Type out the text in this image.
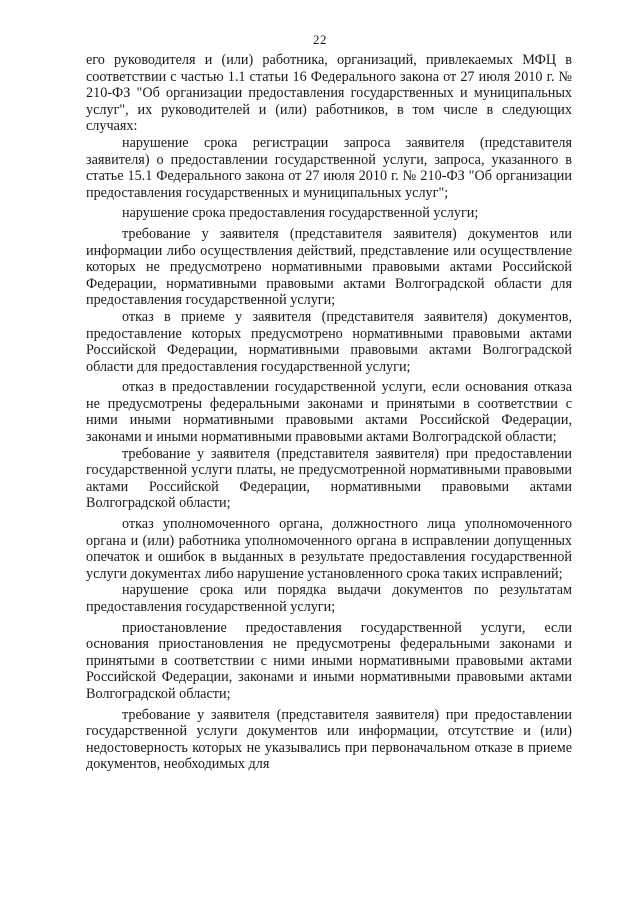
22

его руководителя и (или) работника, организаций, привлекаемых МФЦ в соответствии с частью 1.1 статьи 16 Федерального закона от 27 июля 2010 г. № 210-ФЗ "Об организации предоставления государственных и муниципальных услуг", их руководителей и (или) работников, в том числе в следующих случаях:

нарушение срока регистрации запроса заявителя (представителя заявителя) о предоставлении государственной услуги, запроса, указанного в статье 15.1 Федерального закона от 27 июля 2010 г. № 210-ФЗ "Об организации предоставления государственных и муниципальных услуг";

нарушение срока предоставления государственной услуги;

требование у заявителя (представителя заявителя) документов или информации либо осуществления действий, представление или осуществление которых не предусмотрено нормативными правовыми актами Российской Федерации, нормативными правовыми актами Волгоградской области для предоставления государственной услуги;

отказ в приеме у заявителя (представителя заявителя) документов, предоставление которых предусмотрено нормативными правовыми актами Российской Федерации, нормативными правовыми актами Волгоградской области для предоставления государственной услуги;

отказ в предоставлении государственной услуги, если основания отказа не предусмотрены федеральными законами и принятыми в соответствии с ними иными нормативными правовыми актами Российской Федерации, законами и иными нормативными правовыми актами Волгоградской области;

требование у заявителя (представителя заявителя) при предоставлении государственной услуги платы, не предусмотренной нормативными правовыми актами Российской Федерации, нормативными правовыми актами Волгоградской области;

отказ уполномоченного органа, должностного лица уполномоченного органа и (или) работника уполномоченного органа в исправлении допущенных опечаток и ошибок в выданных в результате предоставления государственной услуги документах либо нарушение установленного срока таких исправлений;

нарушение срока или порядка выдачи документов по результатам предоставления государственной услуги;

приостановление предоставления государственной услуги, если основания приостановления не предусмотрены федеральными законами и принятыми в соответствии с ними иными нормативными правовыми актами Российской Федерации, законами и иными нормативными правовыми актами Волгоградской области;

требование у заявителя (представителя заявителя) при предоставлении государственной услуги документов или информации, отсутствие и (или) недостоверность которых не указывались при первоначальном отказе в приеме документов, необходимых для
